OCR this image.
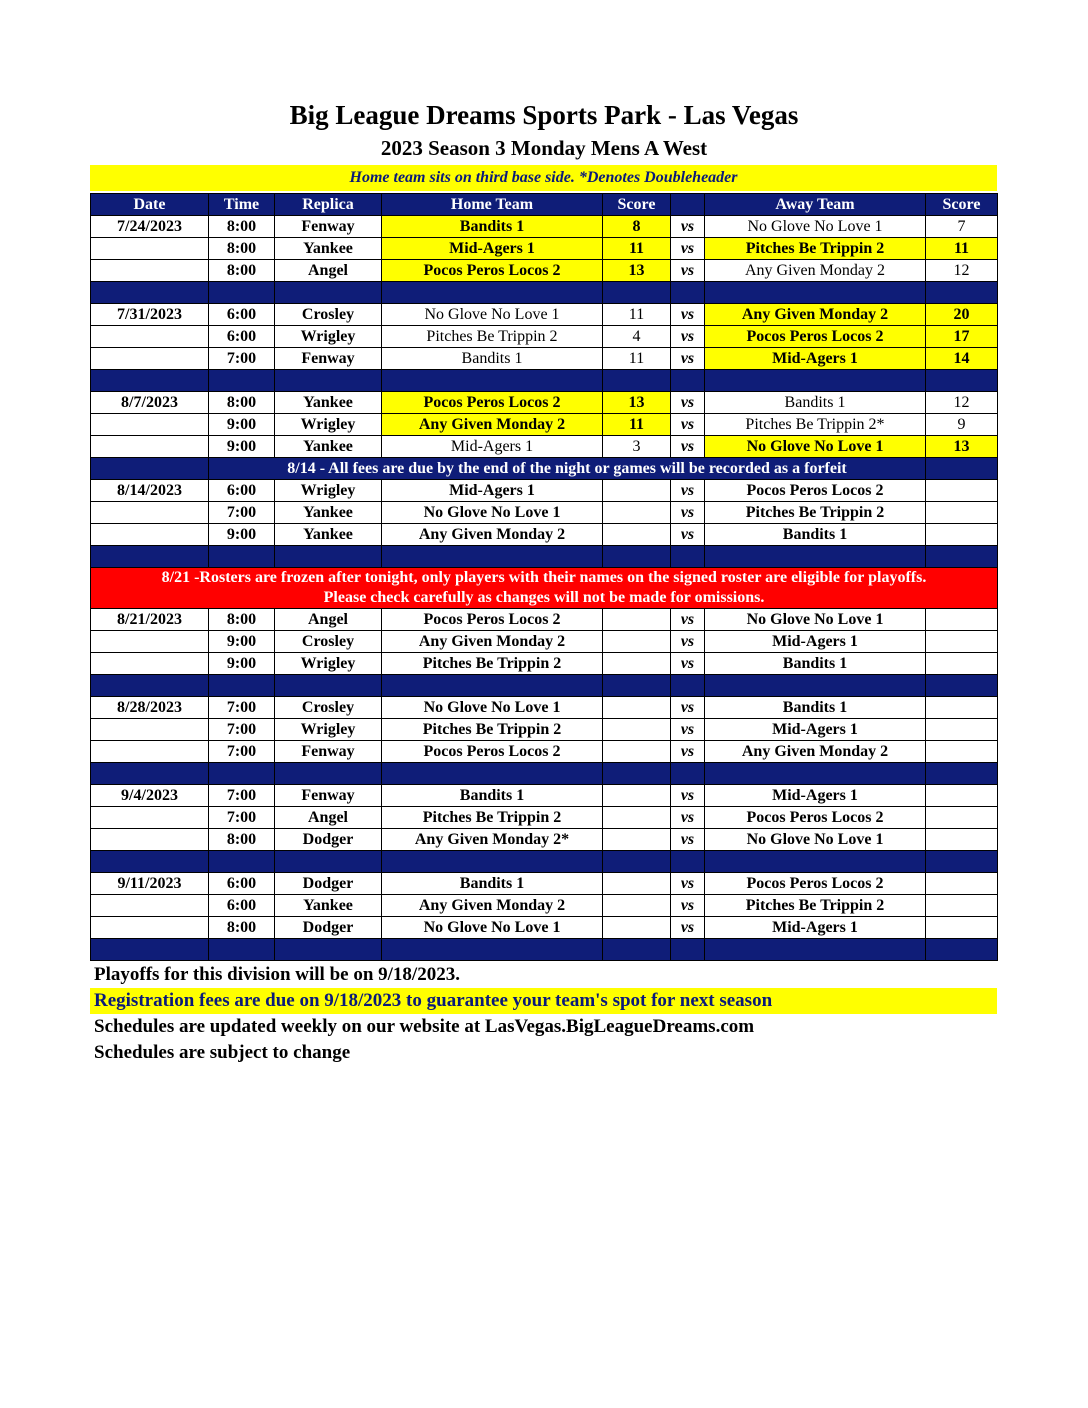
Big League Dreams Sports Park - Las Vegas
2023 Season 3 Monday Mens A West
Home team sits on third base side. *Denotes Doubleheader
Date	Time	Replica	Home Team	Score		Away Team	Score
7/24/2023	8:00	Fenway	Bandits 1	8	vs	No Glove No Love 1	7
	8:00	Yankee	Mid-Agers 1	11	vs	Pitches Be Trippin 2	11
	8:00	Angel	Pocos Peros Locos 2	13	vs	Any Given Monday 2	12

7/31/2023	6:00	Crosley	No Glove No Love 1	11	vs	Any Given Monday 2	20
	6:00	Wrigley	Pitches Be Trippin 2	4	vs	Pocos Peros Locos 2	17
	7:00	Fenway	Bandits 1	11	vs	Mid-Agers 1	14

8/7/2023	8:00	Yankee	Pocos Peros Locos 2	13	vs	Bandits 1	12
	9:00	Wrigley	Any Given Monday 2	11	vs	Pitches Be Trippin 2*	9
	9:00	Yankee	Mid-Agers 1	3	vs	No Glove No Love 1	13
	8/14 - All fees are due by the end of the night or games will be recorded as a forfeit						
8/14/2023	6:00	Wrigley	Mid-Agers 1		vs	Pocos Peros Locos 2	
	7:00	Yankee	No Glove No Love 1		vs	Pitches Be Trippin 2	
	9:00	Yankee	Any Given Monday 2		vs	Bandits 1	

8/21 -Rosters are frozen after tonight, only players with their names on the signed roster are eligible for playoffs.
Please check carefully as changes will not be made for omissions.							

8/21/2023	8:00	Angel	Pocos Peros Locos 2		vs	No Glove No Love 1	
	9:00	Crosley	Any Given Monday 2		vs	Mid-Agers 1	
	9:00	Wrigley	Pitches Be Trippin 2		vs	Bandits 1	

8/28/2023	7:00	Crosley	No Glove No Love 1		vs	Bandits 1	
	7:00	Wrigley	Pitches Be Trippin 2		vs	Mid-Agers 1	
	7:00	Fenway	Pocos Peros Locos 2		vs	Any Given Monday 2	

9/4/2023	7:00	Fenway	Bandits 1		vs	Mid-Agers 1	
	7:00	Angel	Pitches Be Trippin 2		vs	Pocos Peros Locos 2	
	8:00	Dodger	Any Given Monday 2*		vs	No Glove No Love 1	

9/11/2023	6:00	Dodger	Bandits 1		vs	Pocos Peros Locos 2	
	6:00	Yankee	Any Given Monday 2		vs	Pitches Be Trippin 2	
	8:00	Dodger	No Glove No Love 1		vs	Mid-Agers 1	

Playoffs for this division will be on 9/18/2023.
Registration fees are due on 9/18/2023 to guarantee your team's spot for next season
Schedules are updated weekly on our website at LasVegas.BigLeagueDreams.com
Schedules are subject to change
